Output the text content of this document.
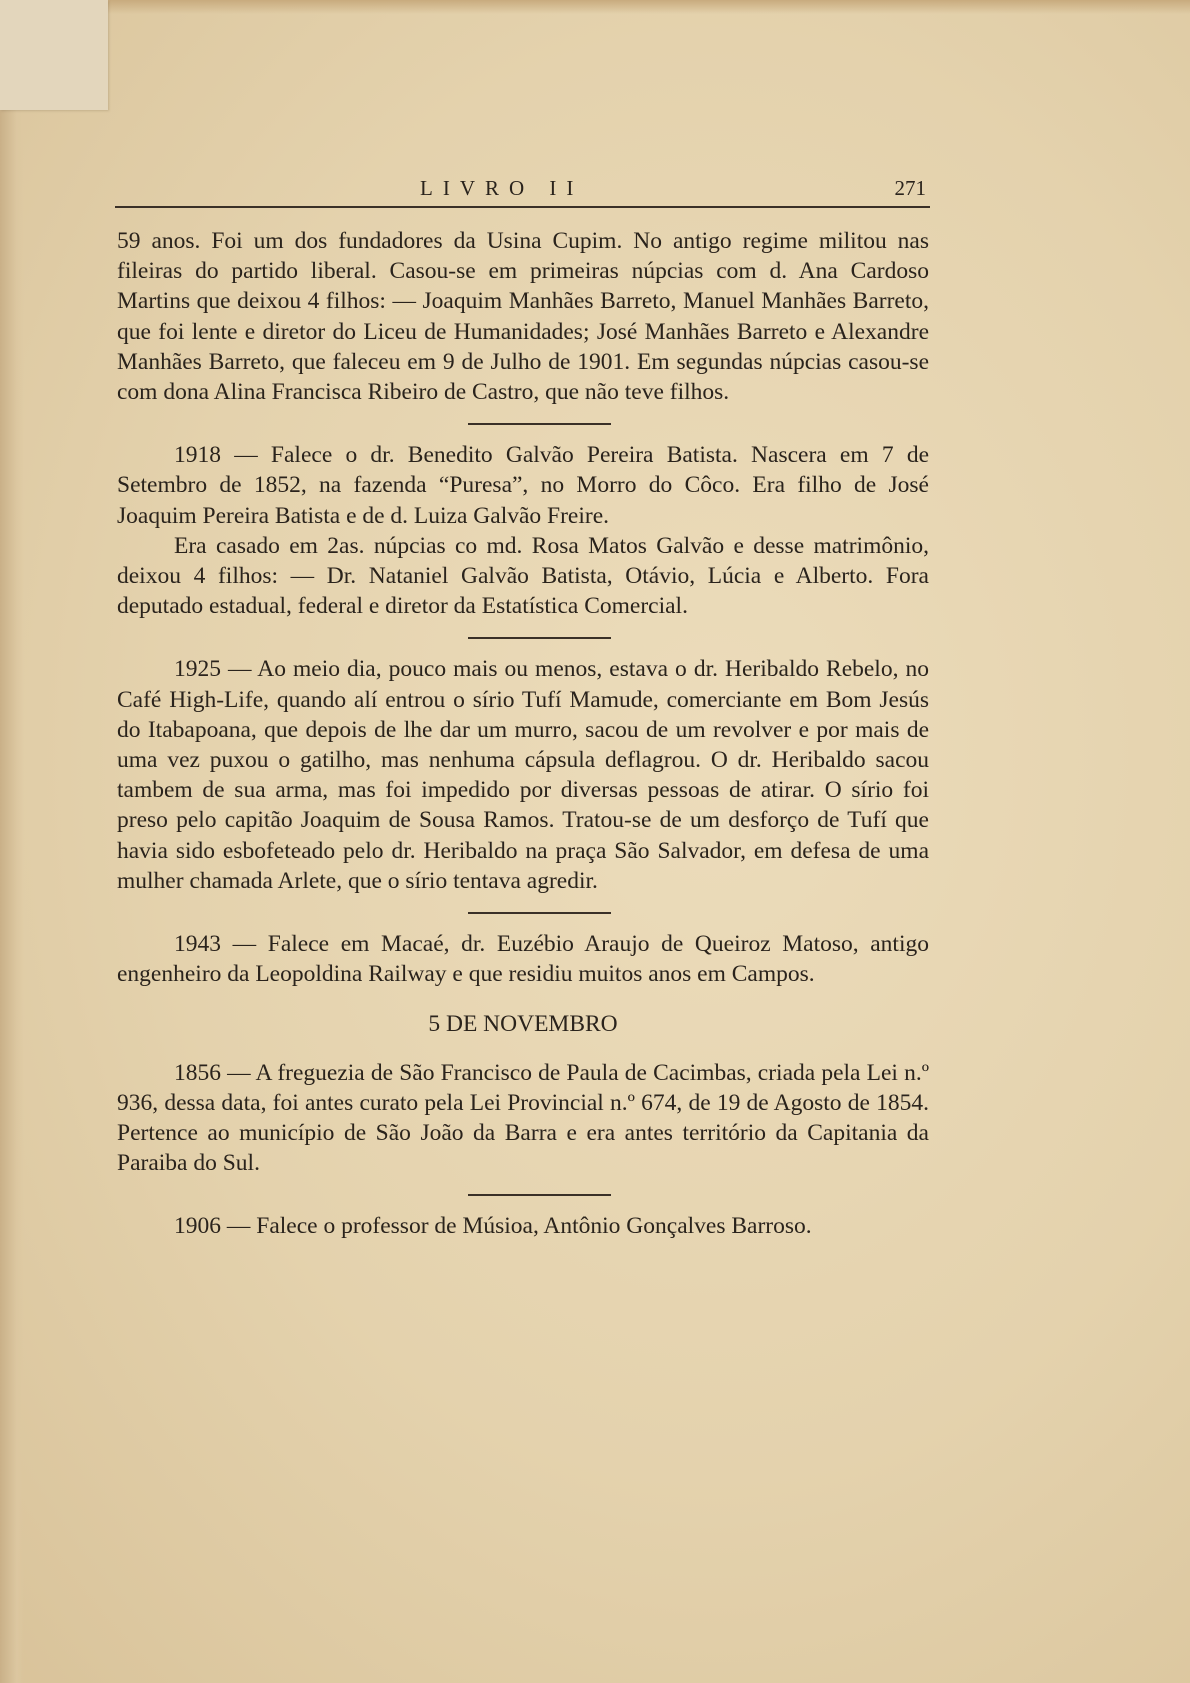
LIVRO II	271

59 anos. Foi um dos fundadores da Usina Cupim. No antigo regime militou nas fileiras do partido liberal. Casou-se em primeiras núpcias com d. Ana Cardoso Martins que deixou 4 filhos: — Joaquim Manhães Barreto, Manuel Manhães Barreto, que foi lente e diretor do Liceu de Humanidades; José Manhães Barreto e Alexandre Manhães Barreto, que faleceu em 9 de Julho de 1901. Em segundas núpcias casou-se com dona Alina Francisca Ribeiro de Castro, que não teve filhos.

1918 — Falece o dr. Benedito Galvão Pereira Batista. Nascera em 7 de Setembro de 1852, na fazenda “Puresa”, no Morro do Côco. Era filho de José Joaquim Pereira Batista e de d. Luiza Galvão Freire.

Era casado em 2as. núpcias co md. Rosa Matos Galvão e desse matrimônio, deixou 4 filhos: — Dr. Nataniel Galvão Batista, Otávio, Lúcia e Alberto. Fora deputado estadual, federal e diretor da Estatística Comercial.

1925 — Ao meio dia, pouco mais ou menos, estava o dr. Heribaldo Rebelo, no Café High-Life, quando alí entrou o sírio Tufí Mamude, comerciante em Bom Jesús do Itabapoana, que depois de lhe dar um murro, sacou de um revolver e por mais de uma vez puxou o gatilho, mas nenhuma cápsula deflagrou. O dr. Heribaldo sacou tambem de sua arma, mas foi impedido por diversas pessoas de atirar. O sírio foi preso pelo capitão Joaquim de Sousa Ramos. Tratou-se de um desforço de Tufí que havia sido esbofeteado pelo dr. Heribaldo na praça São Salvador, em defesa de uma mulher chamada Arlete, que o sírio tentava agredir.

1943 — Falece em Macaé, dr. Euzébio Araujo de Queiroz Matoso, antigo engenheiro da Leopoldina Railway e que residiu muitos anos em Campos.

5 DE NOVEMBRO

1856 — A freguezia de São Francisco de Paula de Cacimbas, criada pela Lei n.º 936, dessa data, foi antes curato pela Lei Provincial n.º 674, de 19 de Agosto de 1854. Pertence ao município de São João da Barra e era antes território da Capitania da Paraiba do Sul.

1906 — Falece o professor de Músioa, Antônio Gonçalves Barroso.
